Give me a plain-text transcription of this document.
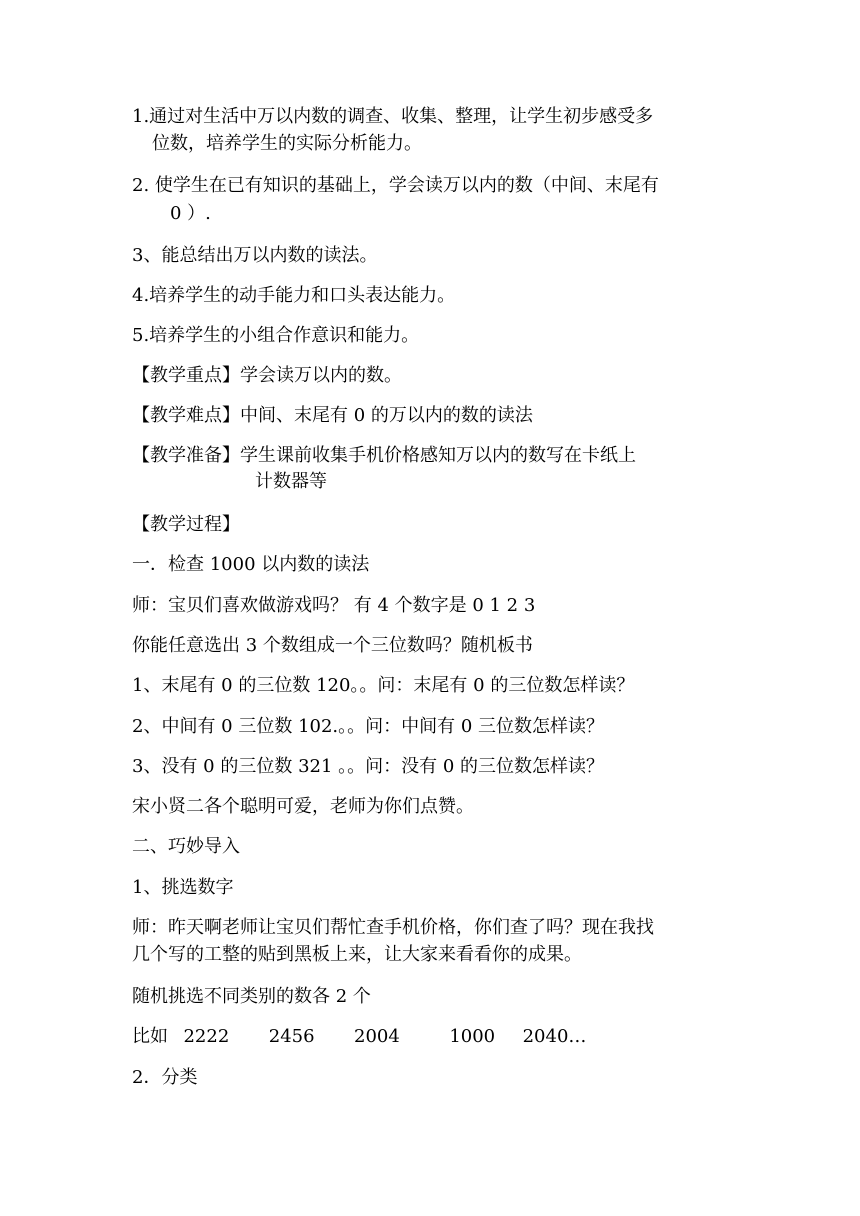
1.通过对生活中万以内数的调查、收集、整理，让学生初步感受多
位数，培养学生的实际分析能力。
2. 使学生在已有知识的基础上，学会读万以内的数（中间、末尾有
0 ）.
3、能总结出万以内数的读法。
4.培养学生的动手能力和口头表达能力。
5.培养学生的小组合作意识和能力。
【教学重点】学会读万以内的数。
【教学难点】中间、末尾有 0 的万以内的数的读法
【教学准备】学生课前收集手机价格感知万以内的数写在卡纸上
计数器等
【教学过程】
一．检查 1000 以内数的读法
师：宝贝们喜欢做游戏吗？ 有 4 个数字是 0 1 2 3
你能任意选出 3 个数组成一个三位数吗？随机板书
1、末尾有 0 的三位数 120。。问：末尾有 0 的三位数怎样读？
2、中间有 0 三位数 102.。。问：中间有 0 三位数怎样读？
3、没有 0 的三位数 321 。。问：没有 0 的三位数怎样读？
宋小贤二各个聪明可爱，老师为你们点赞。
二、巧妙导入
1、挑选数字
师：昨天啊老师让宝贝们帮忙查手机价格，你们查了吗？现在我找
几个写的工整的贴到黑板上来，让大家来看看你的成果。
随机挑选不同类别的数各 2 个
比如 2222 2456 2004	1000 2040…
2．分类
